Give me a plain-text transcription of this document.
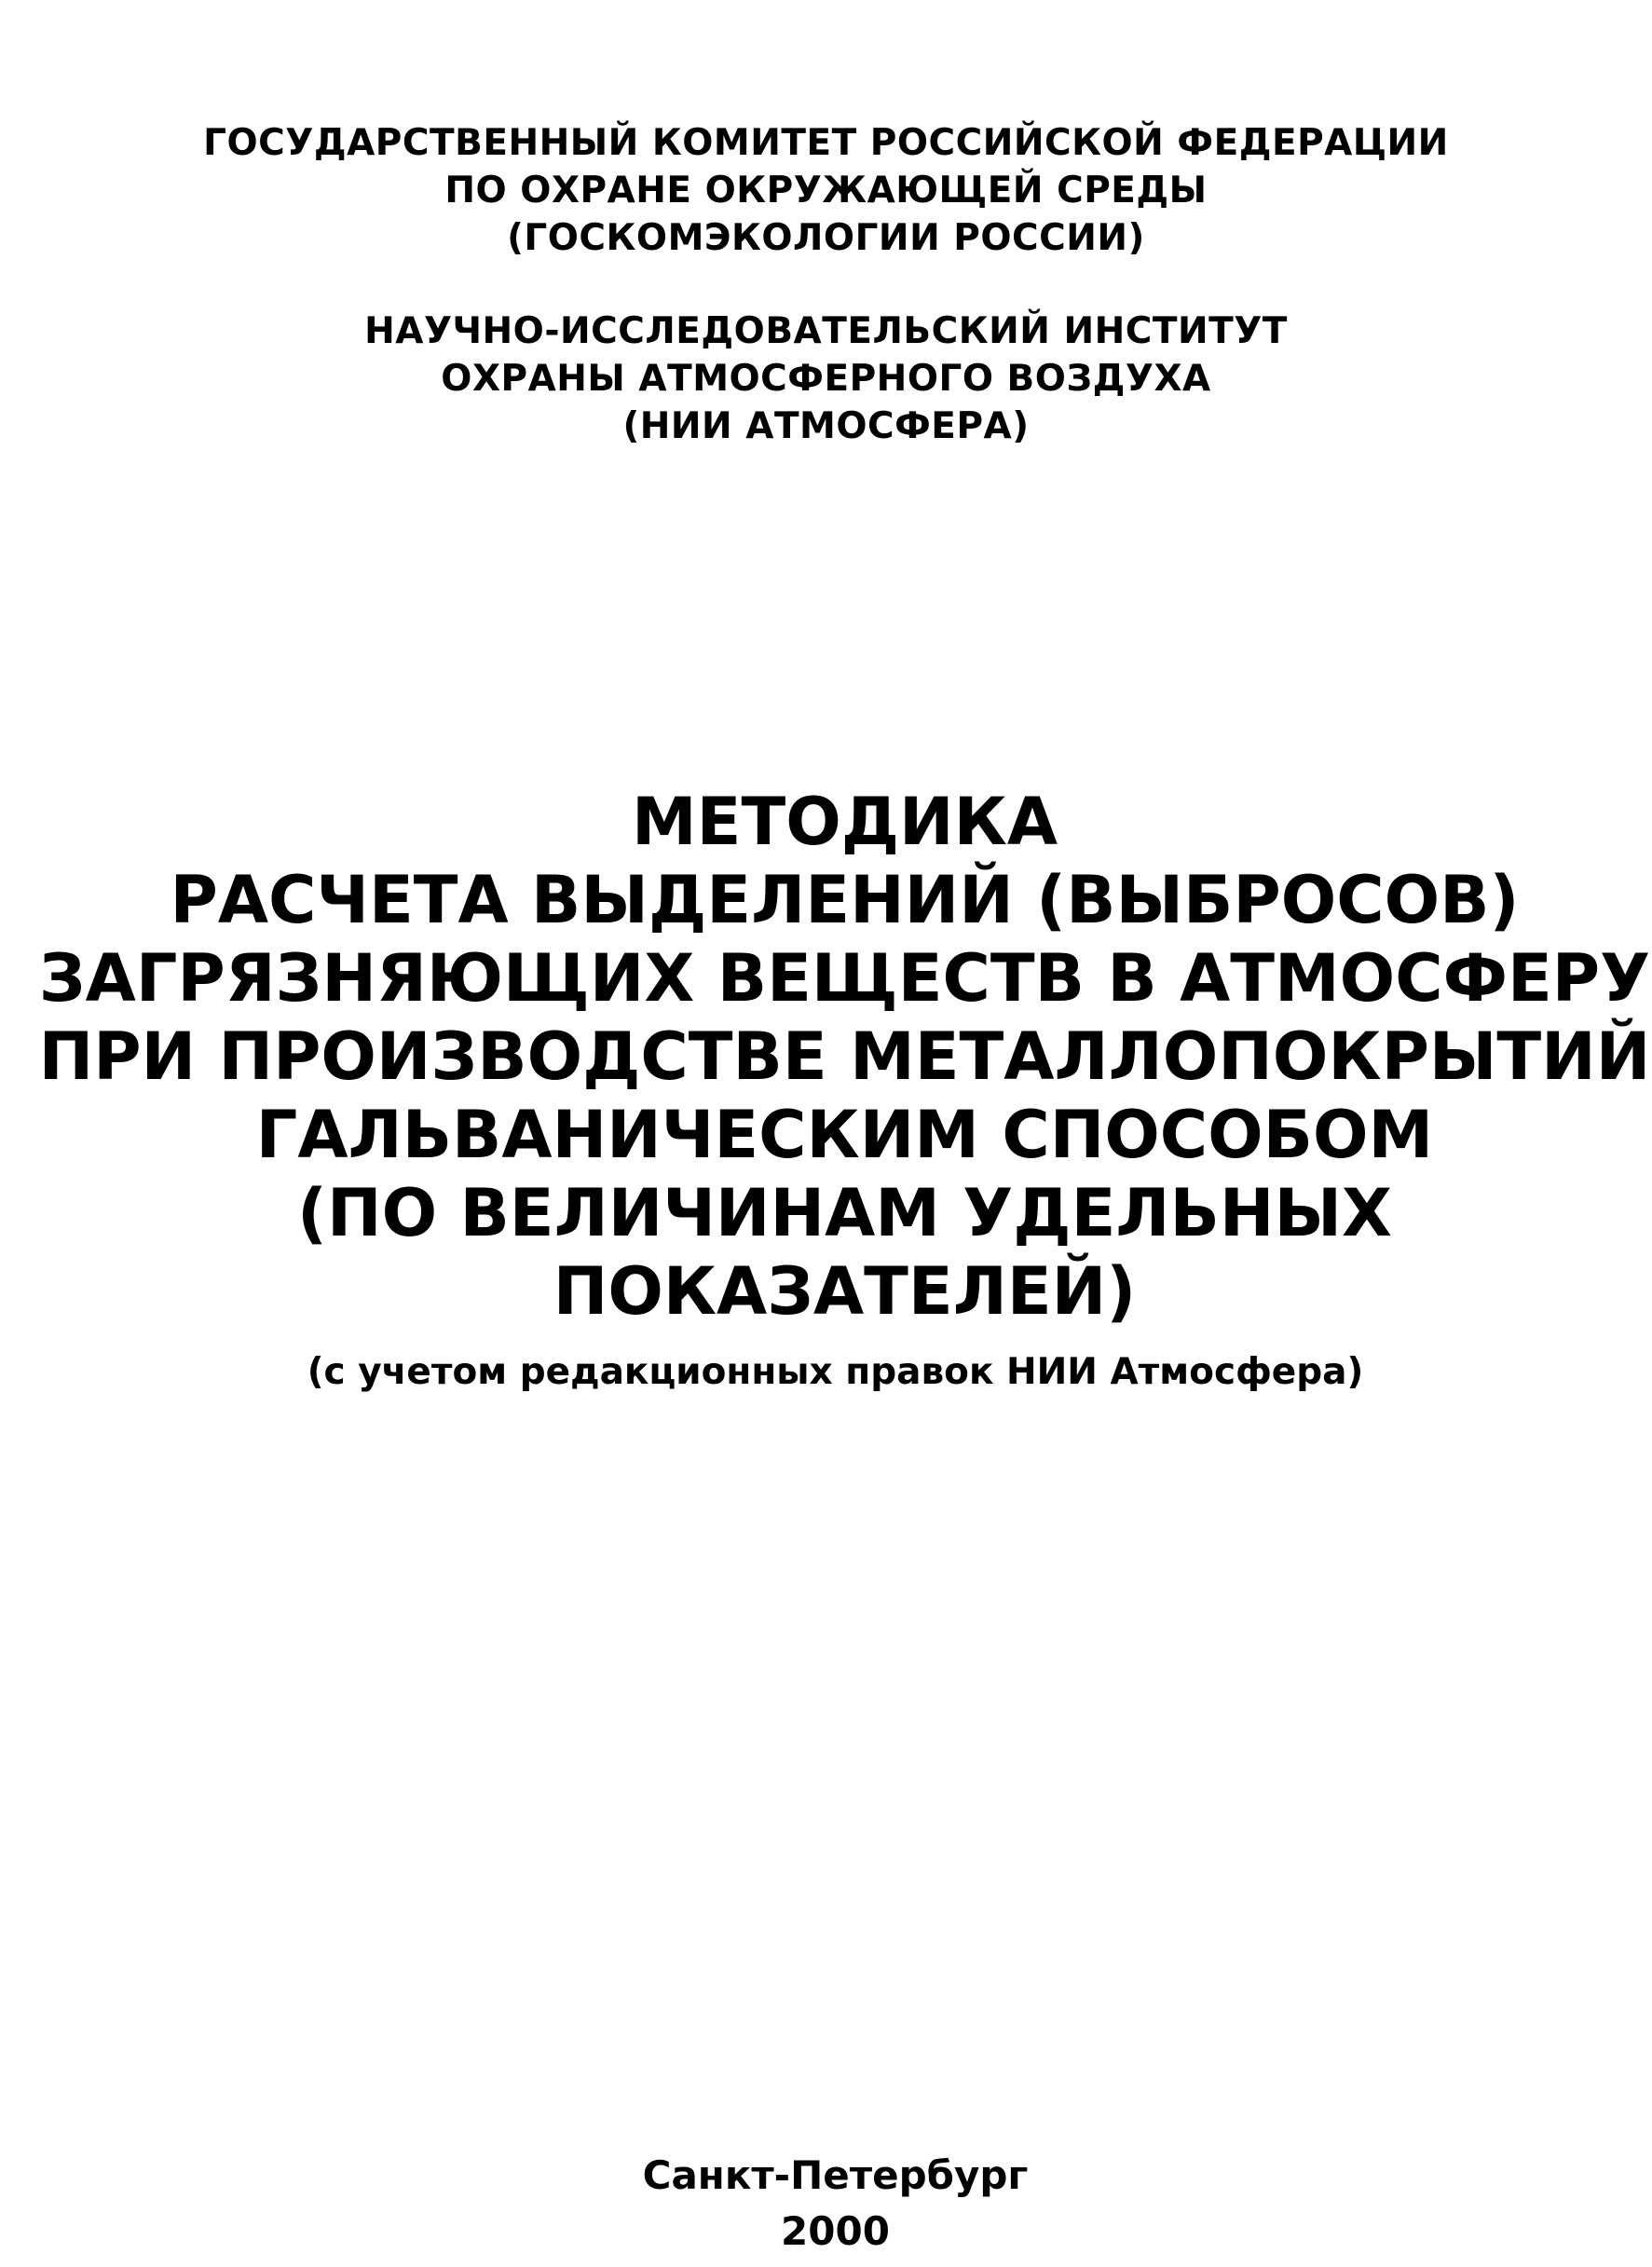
ГОСУДАРСТВЕННЫЙ КОМИТЕТ РОССИЙСКОЙ ФЕДЕРАЦИИ
ПО ОХРАНЕ ОКРУЖАЮЩЕЙ СРЕДЫ
(ГОСКОМЭКОЛОГИИ РОССИИ)
НАУЧНО-ИССЛЕДОВАТЕЛЬСКИЙ ИНСТИТУТ
ОХРАНЫ АТМОСФЕРНОГО ВОЗДУХА
(НИИ АТМОСФЕРА)
МЕТОДИКА
РАСЧЕТА ВЫДЕЛЕНИЙ (ВЫБРОСОВ)
ЗАГРЯЗНЯЮЩИХ ВЕЩЕСТВ В АТМОСФЕРУ
ПРИ ПРОИЗВОДСТВЕ МЕТАЛЛОПОКРЫТИЙ
ГАЛЬВАНИЧЕСКИМ СПОСОБОМ
(ПО ВЕЛИЧИНАМ УДЕЛЬНЫХ
ПОКАЗАТЕЛЕЙ)
(с учетом редакционных правок НИИ Атмосфера)
Санкт-Петербург
2000
